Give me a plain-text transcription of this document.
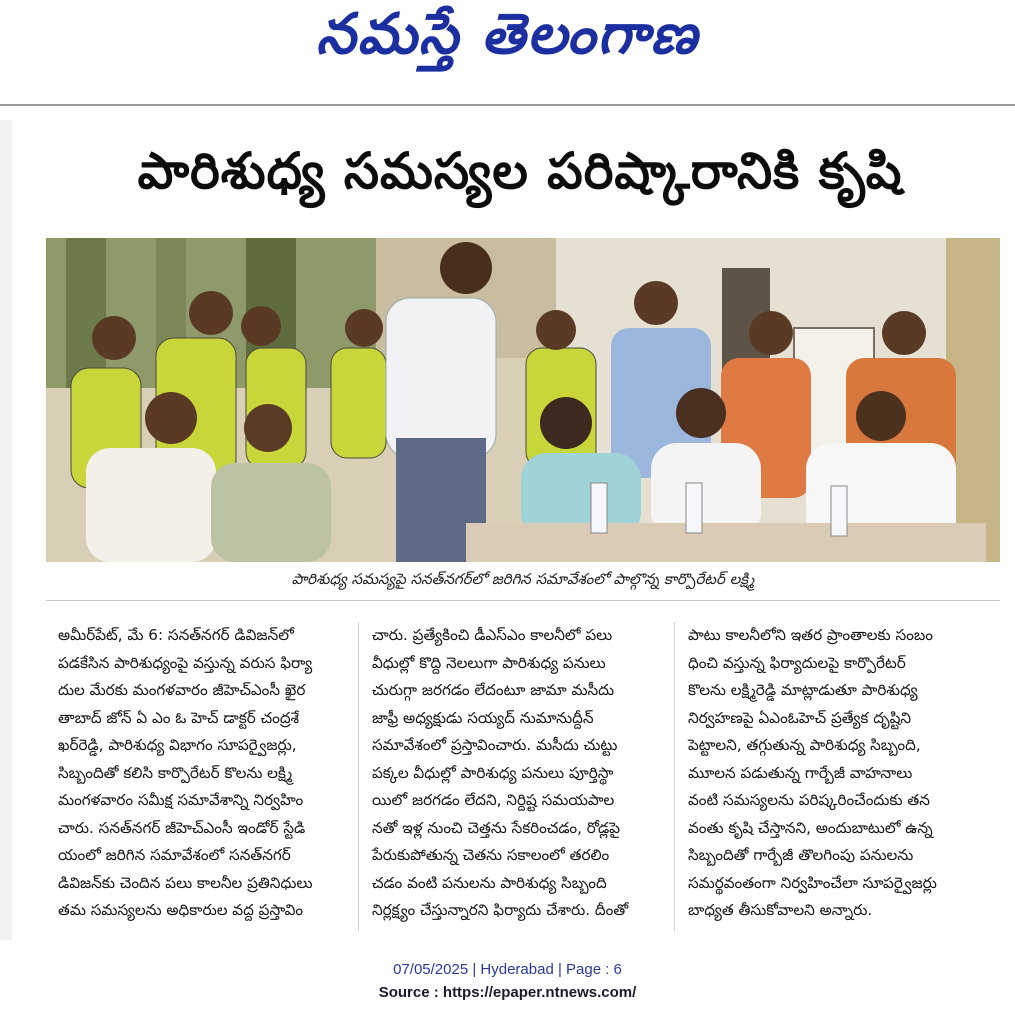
నమస్తే తెలంగాణ
పారిశుధ్య సమస్యల పరిష్కారానికి కృషి
పారిశుధ్య సమస్యపై సనత్‌నగర్‌లో జరిగిన సమావేశంలో పాల్గొన్న కార్పొరేటర్ లక్ష్మి

అమీర్‌పేట్, మే 6: సనత్‌నగర్ డివిజన్‌లో

పడకేసిన పారిశుధ్యంపై వస్తున్న వరుస ఫిర్యా

దుల మేరకు మంగళవారం జీహెచ్‌ఎంసీ ఖైర

తాబాద్ జోన్ ఏ ఎం ఓ హెచ్ డాక్టర్ చంద్రశే

ఖర్‌రెడ్డి, పారిశుధ్య విభాగం సూపర్వైజర్లు,

సిబ్బందితో కలిసి కార్పొరేటర్ కొలను లక్ష్మి

మంగళవారం సమీక్ష సమావేశాన్ని నిర్వహిం

చారు. సనత్‌నగర్ జీహెచ్‌ఎంసీ ఇండోర్ స్టేడి

యంలో జరిగిన సమావేశంలో సనత్‌నగర్

డివిజన్‌కు చెందిన పలు కాలనీల ప్రతినిధులు

తమ సమస్యలను అధికారుల వద్ద ప్రస్తావిం

చారు. ప్రత్యేకించి డీఎస్‌ఎం కాలనీలో పలు

వీధుల్లో కొద్ది నెలలుగా పారిశుధ్య పనులు

చురుగ్గా జరగడం లేదంటూ జామా మసీదు

జాఫ్రీ అధ్యక్షుడు సయ్యద్ నుమానుద్దీన్

సమావేశంలో ప్రస్తావించారు. మసీదు చుట్టు

పక్కల వీధుల్లో పారిశుధ్య పనులు పూర్తిస్థా

యిలో జరగడం లేదని, నిర్దిష్ట సమయపాల

నతో ఇళ్ల నుంచి చెత్తను సేకరించడం, రోడ్లపై

పేరుకుపోతున్న చెతను సకాలంలో తరలిం

చడం వంటి పనులను పారిశుధ్య సిబ్బంది

నిర్లక్ష్యం చేస్తున్నారని ఫిర్యాదు చేశారు. దీంతో

పాటు కాలనీలోని ఇతర ప్రాంతాలకు సంబం

ధించి వస్తున్న ఫిర్యాదులపై కార్పొరేటర్

కొలను లక్ష్మిరెడ్డి మాట్లాడుతూ పారిశుధ్య

నిర్వహణపై ఏఎంఓహెచ్ ప్రత్యేక దృష్టిని

పెట్టాలని, తగ్గుతున్న పారిశుధ్య సిబ్బంది,

మూలన పడుతున్న గార్బేజీ వాహనాలు

వంటి సమస్యలను పరిష్కరించేందుకు తన

వంతు కృషి చేస్తానని, అందుబాటులో ఉన్న

సిబ్బందితో గార్బేజీ తొలగింపు పనులను

సమర్థవంతంగా నిర్వహించేలా సూపర్వైజర్లు

బాధ్యత తీసుకోవాలని అన్నారు.

07/05/2025 | Hyderabad | Page : 6
Source : https://epaper.ntnews.com/
